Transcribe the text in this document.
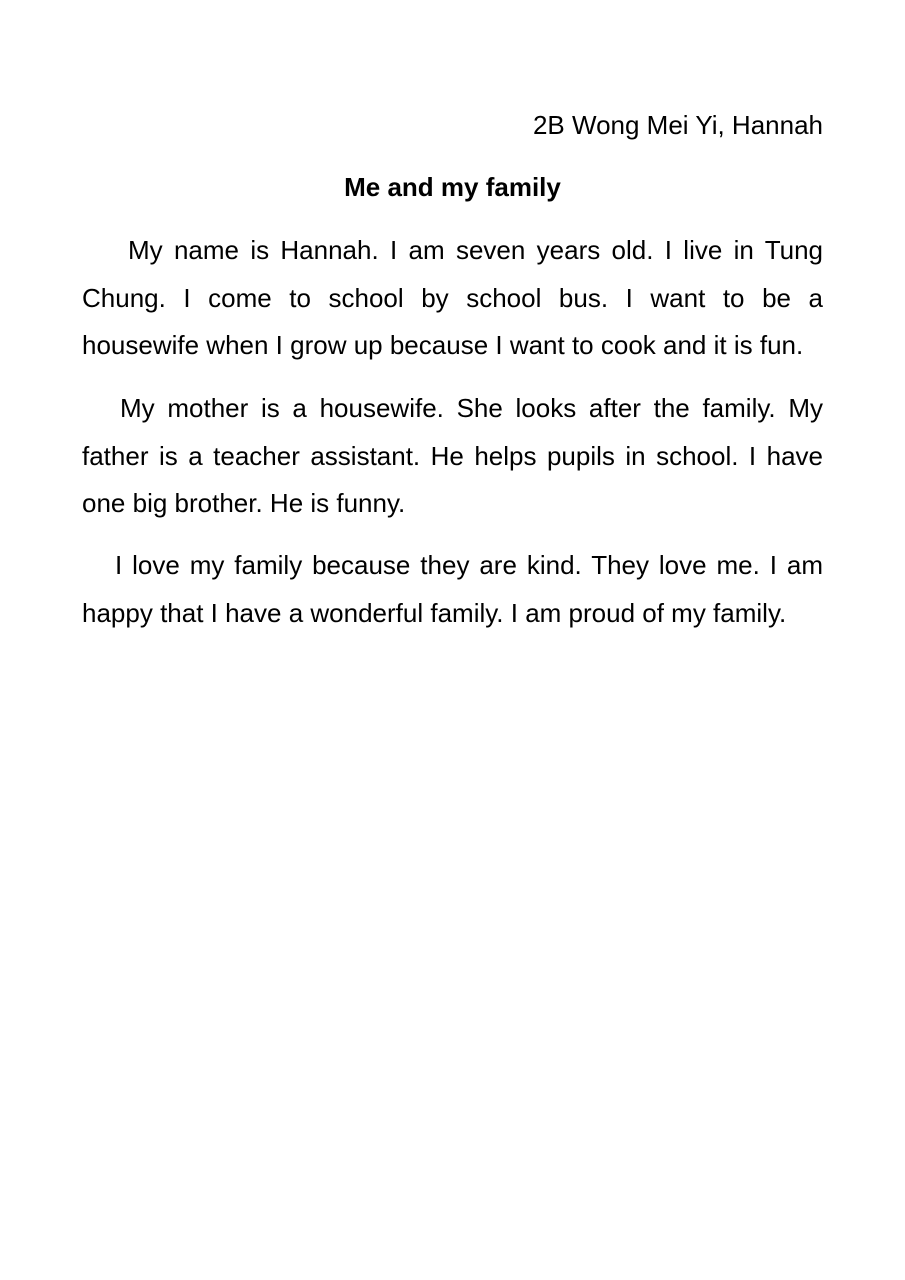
2B Wong Mei Yi, Hannah
Me and my family

My name is Hannah. I am seven years old. I live in Tung Chung. I come to school by school bus. I want to be a housewife when I grow up because I want to cook and it is fun.

My mother is a housewife. She looks after the family. My father is a teacher assistant. He helps pupils in school. I have one big brother. He is funny.

I love my family because they are kind. They love me. I am happy that I have a wonderful family. I am proud of my family.
